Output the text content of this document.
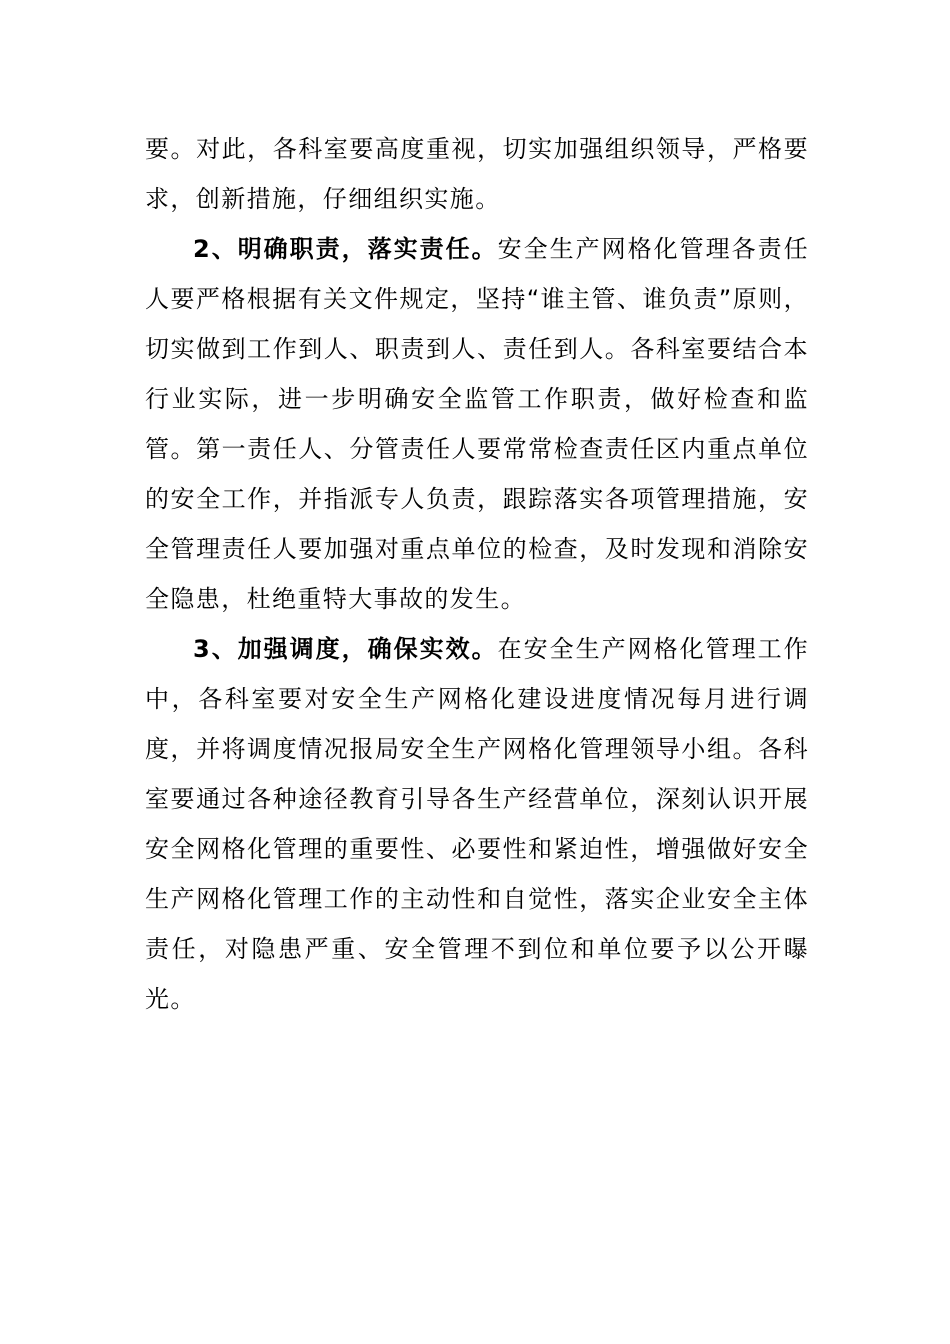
要。对此，各科室要高度重视，切实加强组织领导，严格要求，创新措施，仔细组织实施。

2、明确职责，落实责任。安全生产网格化管理各责任人要严格根据有关文件规定，坚持“谁主管、谁负责”原则，切实做到工作到人、职责到人、责任到人。各科室要结合本行业实际，进一步明确安全监管工作职责，做好检查和监管。第一责任人、分管责任人要常常检查责任区内重点单位的安全工作，并指派专人负责，跟踪落实各项管理措施，安全管理责任人要加强对重点单位的检查，及时发现和消除安全隐患，杜绝重特大事故的发生。

3、加强调度，确保实效。在安全生产网格化管理工作中，各科室要对安全生产网格化建设进度情况每月进行调度，并将调度情况报局安全生产网格化管理领导小组。各科室要通过各种途径教育引导各生产经营单位，深刻认识开展安全网格化管理的重要性、必要性和紧迫性，增强做好安全生产网格化管理工作的主动性和自觉性，落实企业安全主体责任，对隐患严重、安全管理不到位和单位要予以公开曝光。
